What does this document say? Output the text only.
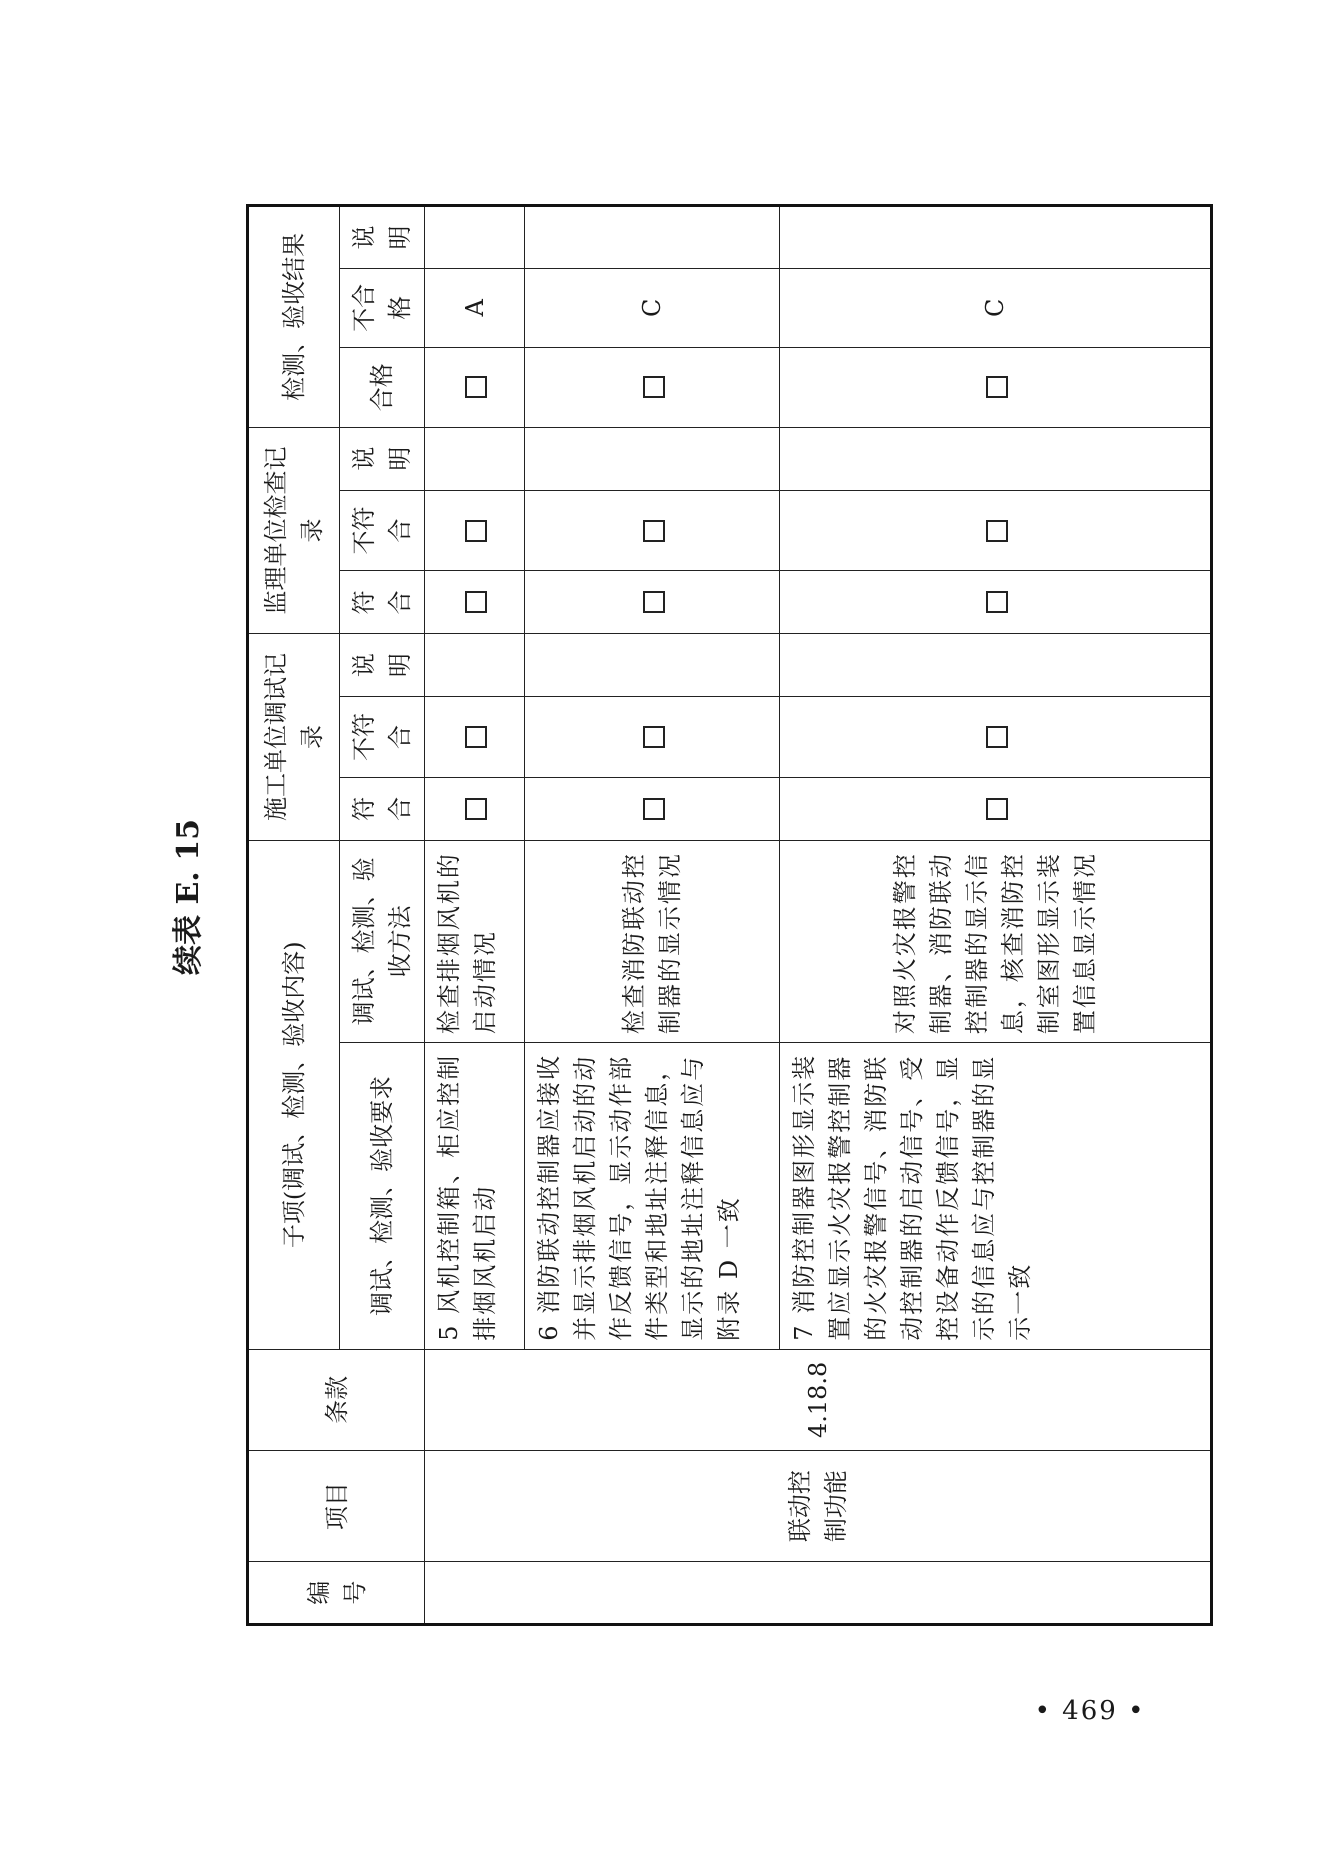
续表 E. 15
编号	项目	条款	子项(调试、检测、验收内容)		施工单位调试记录			监理单位检查记录			检测、验收结果		
			调试、检测、验收要求	调试、检测、验收方法	符合	不符合	说明	符合	不符合	说明	合格	不合格	说明
	联动控制功能	4.18.8	5 风机控制箱、柜应控制排烟风机启动	检查排烟风机的启动情况								A	
			6 消防联动控制器应接收并显示排烟风机启动的动作反馈信号，显示动作部件类型和地址注释信息，显示的地址注释信息应与附录 D 一致	检查消防联动控制器的显示情况								C	
			7 消防控制器图形显示装置应显示火灾报警控制器的火灾报警信号、消防联动控制器的启动信号、受控设备动作反馈信号，显示的信息应与控制器的显示一致	对照火灾报警控制器、消防联动控制器的显示信息，核查消防控制室图形显示装置信息显示情况								C	
• 469 •
